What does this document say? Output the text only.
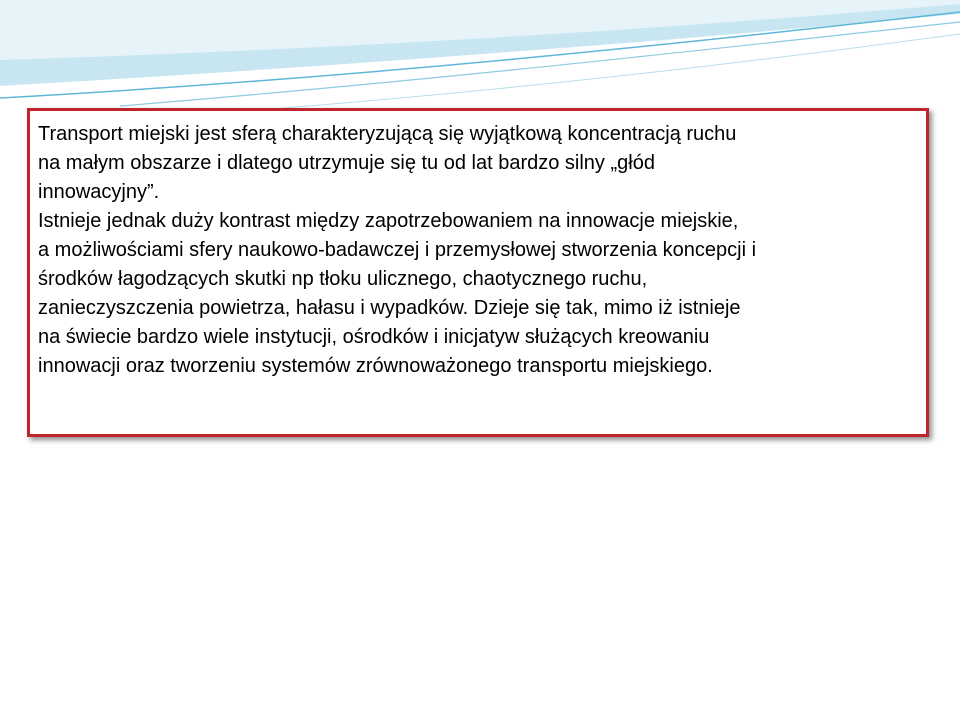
Transport miejski jest sferą charakteryzującą się wyjątkową koncentracją ruchu
na małym obszarze i dlatego utrzymuje się tu od lat bardzo silny „głód
innowacyjny”.

Istnieje jednak duży kontrast między zapotrzebowaniem na innowacje miejskie,
a możliwościami sfery naukowo-badawczej i przemysłowej stworzenia koncepcji i
środków łagodzących skutki np tłoku ulicznego, chaotycznego ruchu,
zanieczyszczenia powietrza, hałasu i wypadków. Dzieje się tak, mimo iż istnieje
na świecie bardzo wiele instytucji, ośrodków i inicjatyw służących kreowaniu
innowacji oraz tworzeniu systemów zrównoważonego transportu miejskiego.
